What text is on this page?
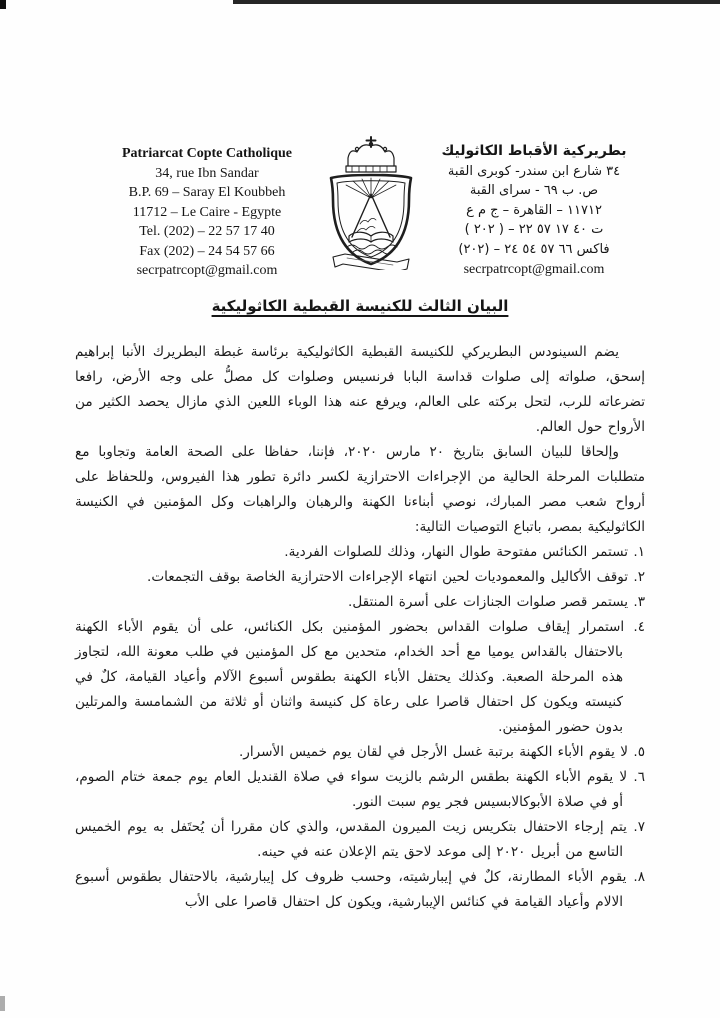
Patriarcat Copte Catholique
34, rue Ibn Sandar
B.P. 69 – Saray El Koubbeh
11712 – Le Caire - Egypte
Tel. (202) – 22 57 17 40
Fax (202) – 24 54 57 66
secrpatrcopt@gmail.com
بطريركية الأقباط الكاثوليك
٣٤ شارع ابن سندر- كوبرى القبة
ص. ب ٦٩ - سراى القبة
١١٧١٢ – القاهرة – ج م ع
ت ٤٠ ١٧ ٥٧ ٢٢ – ( ٢٠٢ )
فاكس ٦٦ ٥٧ ٥٤ ٢٤ – (٢٠٢)
secrpatrcopt@gmail.com
البيان الثالث للكنيسة القبطية الكاثوليكية

يضم السينودس البطريركي للكنيسة القبطية الكاثوليكية برئاسة غبطة البطريرك الأنبا إبراهيم إسحق، صلواته إلى صلوات قداسة البابا فرنسيس وصلوات كل مصلُّ على وجه الأرض، رافعا تضرعاته للرب، لتحل بركته على العالم، ويرفع عنه هذا الوباء اللعين الذي مازال يحصد الكثير من الأرواح حول العالم.

وإلحاقا للبيان السابق بتاريخ ٢٠ مارس ٢٠٢٠، فإننا، حفاظا على الصحة العامة وتجاوبا مع متطلبات المرحلة الحالية من الإجراءات الاحترازية لكسر دائرة تطور هذا الفيروس، وللحفاظ على أرواح شعب مصر المبارك، نوصي أبناءنا الكهنة والرهبان والراهبات وكل المؤمنين في الكنيسة الكاثوليكية بمصر، باتباع التوصيات التالية:

١. تستمر الكنائس مفتوحة طوال النهار، وذلك للصلوات الفردية.
٢. توقف الأكاليل والمعموديات لحين انتهاء الإجراءات الاحترازية الخاصة بوقف التجمعات.
٣. يستمر قصر صلوات الجنازات على أسرة المنتقل.
٤. استمرار إيقاف صلوات القداس بحضور المؤمنين بكل الكنائس، على أن يقوم الأباء الكهنة بالاحتفال بالقداس يوميا مع أحد الخدام، متحدين مع كل المؤمنين في طلب معونة الله، لتجاوز هذه المرحلة الصعبة. وكذلك يحتفل الأباء الكهنة بطقوس أسبوع الآلام وأعياد القيامة، كلٌ في كنيسته ويكون كل احتفال قاصرا على رعاة كل كنيسة واثنان أو ثلاثة من الشمامسة والمرتلين بدون حضور المؤمنين.
٥. لا يقوم الأباء الكهنة برتبة غسل الأرجل في لقان يوم خميس الأسرار.
٦. لا يقوم الأباء الكهنة بطقس الرشم بالزيت سواء في صلاة القنديل العام يوم جمعة ختام الصوم، أو في صلاة الأبوكالابسيس فجر يوم سبت النور.
٧. يتم إرجاء الاحتفال بتكريس زيت الميرون المقدس، والذي كان مقررا أن يُحتَفل به يوم الخميس التاسع من أبريل ٢٠٢٠ إلى موعد لاحق يتم الإعلان عنه في حينه.
٨. يقوم الأباء المطارنة، كلٌ في إيبارشيته، وحسب ظروف كل إيبارشية، بالاحتفال بطقوس أسبوع الالام وأعياد القيامة في كنائس الإيبارشية، ويكون كل احتفال قاصرا على الأب
